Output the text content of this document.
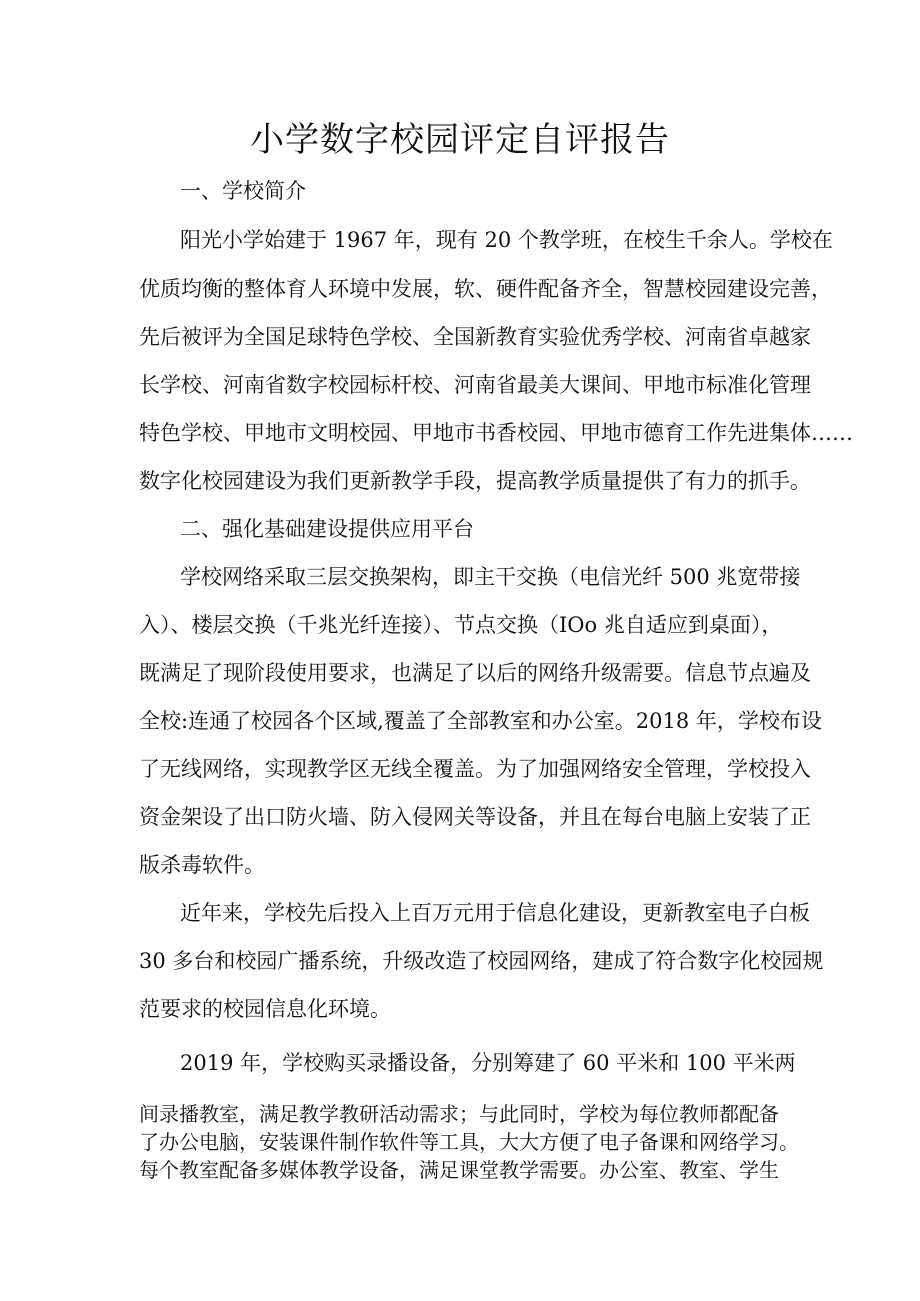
小学数字校园评定自评报告

一、学校简介

阳光小学始建于 1967 年，现有 20 个教学班，在校生千余人。学校在

优质均衡的整体育人环境中发展，软、硬件配备齐全，智慧校园建设完善，

先后被评为全国足球特色学校、全国新教育实验优秀学校、河南省卓越家

长学校、河南省数字校园标杆校、河南省最美大课间、甲地市标准化管理

特色学校、甲地市文明校园、甲地市书香校园、甲地市德育工作先进集体……

数字化校园建设为我们更新教学手段，提高教学质量提供了有力的抓手。

二、强化基础建设提供应用平台

学校网络采取三层交换架构，即主干交换（电信光纤 500 兆宽带接

入）、楼层交换（千兆光纤连接）、节点交换（IOo 兆自适应到桌面），

既满足了现阶段使用要求，也满足了以后的网络升级需要。信息节点遍及

全校:连通了校园各个区域,覆盖了全部教室和办公室。2018 年，学校布设

了无线网络，实现教学区无线全覆盖。为了加强网络安全管理，学校投入

资金架设了出口防火墙、防入侵网关等设备，并且在每台电脑上安装了正

版杀毒软件。

近年来，学校先后投入上百万元用于信息化建设，更新教室电子白板

30 多台和校园广播系统，升级改造了校园网络，建成了符合数字化校园规

范要求的校园信息化环境。

2019 年，学校购买录播设备，分别筹建了 60 平米和 100 平米两

间录播教室，满足教学教研活动需求；与此同时，学校为每位教师都配备

了办公电脑，安装课件制作软件等工具，大大方便了电子备课和网络学习。

每个教室配备多媒体教学设备，满足课堂教学需要。办公室、教室、学生
